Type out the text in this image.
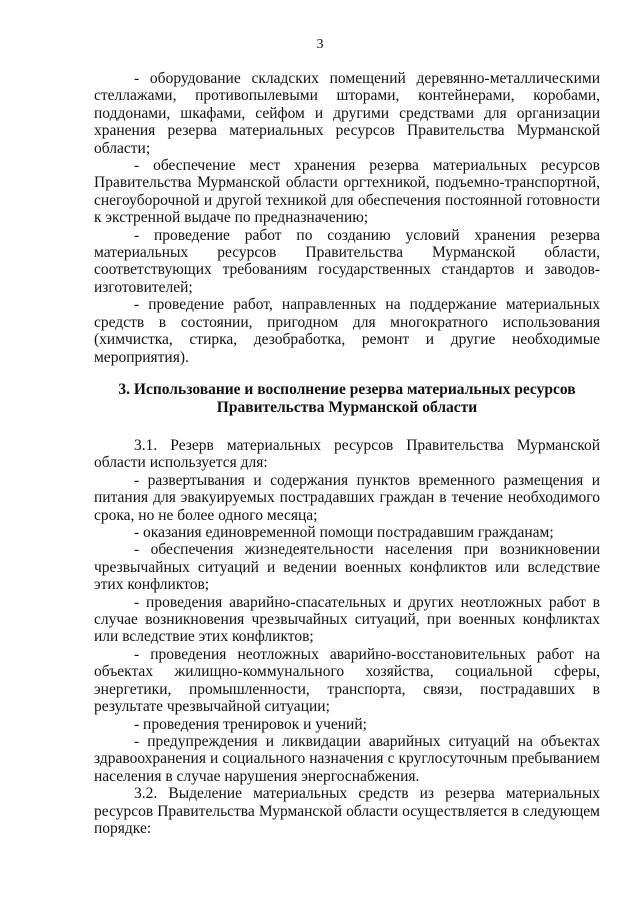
3

- оборудование складских помещений деревянно-металлическими стеллажами, противопылевыми шторами, контейнерами, коробами, поддонами, шкафами, сейфом и другими средствами для организации хранения резерва материальных ресурсов Правительства Мурманской области;

- обеспечение мест хранения резерва материальных ресурсов Правительства Мурманской области оргтехникой, подъемно-транспортной, снегоуборочной и другой техникой для обеспечения постоянной готовности к экстренной выдаче по предназначению;

- проведение работ по созданию условий хранения резерва материальных ресурсов Правительства Мурманской области, соответствующих требованиям государственных стандартов и заводов-изготовителей;

- проведение работ, направленных на поддержание материальных средств в состоянии, пригодном для многократного использования (химчистка, стирка, дезобработка, ремонт и другие необходимые мероприятия).

3. Использование и восполнение резерва материальных ресурсов
Правительства Мурманской области

3.1. Резерв материальных ресурсов Правительства Мурманской области используется для:

- развертывания и содержания пунктов временного размещения и питания для эвакуируемых пострадавших граждан в течение необходимого срока, но не более одного месяца;

- оказания единовременной помощи пострадавшим гражданам;

- обеспечения жизнедеятельности населения при возникновении чрезвычайных ситуаций и ведении военных конфликтов или вследствие этих конфликтов;

- проведения аварийно-спасательных и других неотложных работ в случае возникновения чрезвычайных ситуаций, при военных конфликтах или вследствие этих конфликтов;

- проведения неотложных аварийно-восстановительных работ на объектах жилищно-коммунального хозяйства, социальной сферы, энергетики, промышленности, транспорта, связи, пострадавших в результате чрезвычайной ситуации;

- проведения тренировок и учений;

- предупреждения и ликвидации аварийных ситуаций на объектах здравоохранения и социального назначения с круглосуточным пребыванием населения в случае нарушения энергоснабжения.

3.2. Выделение материальных средств из резерва материальных ресурсов Правительства Мурманской области осуществляется в следующем порядке:
